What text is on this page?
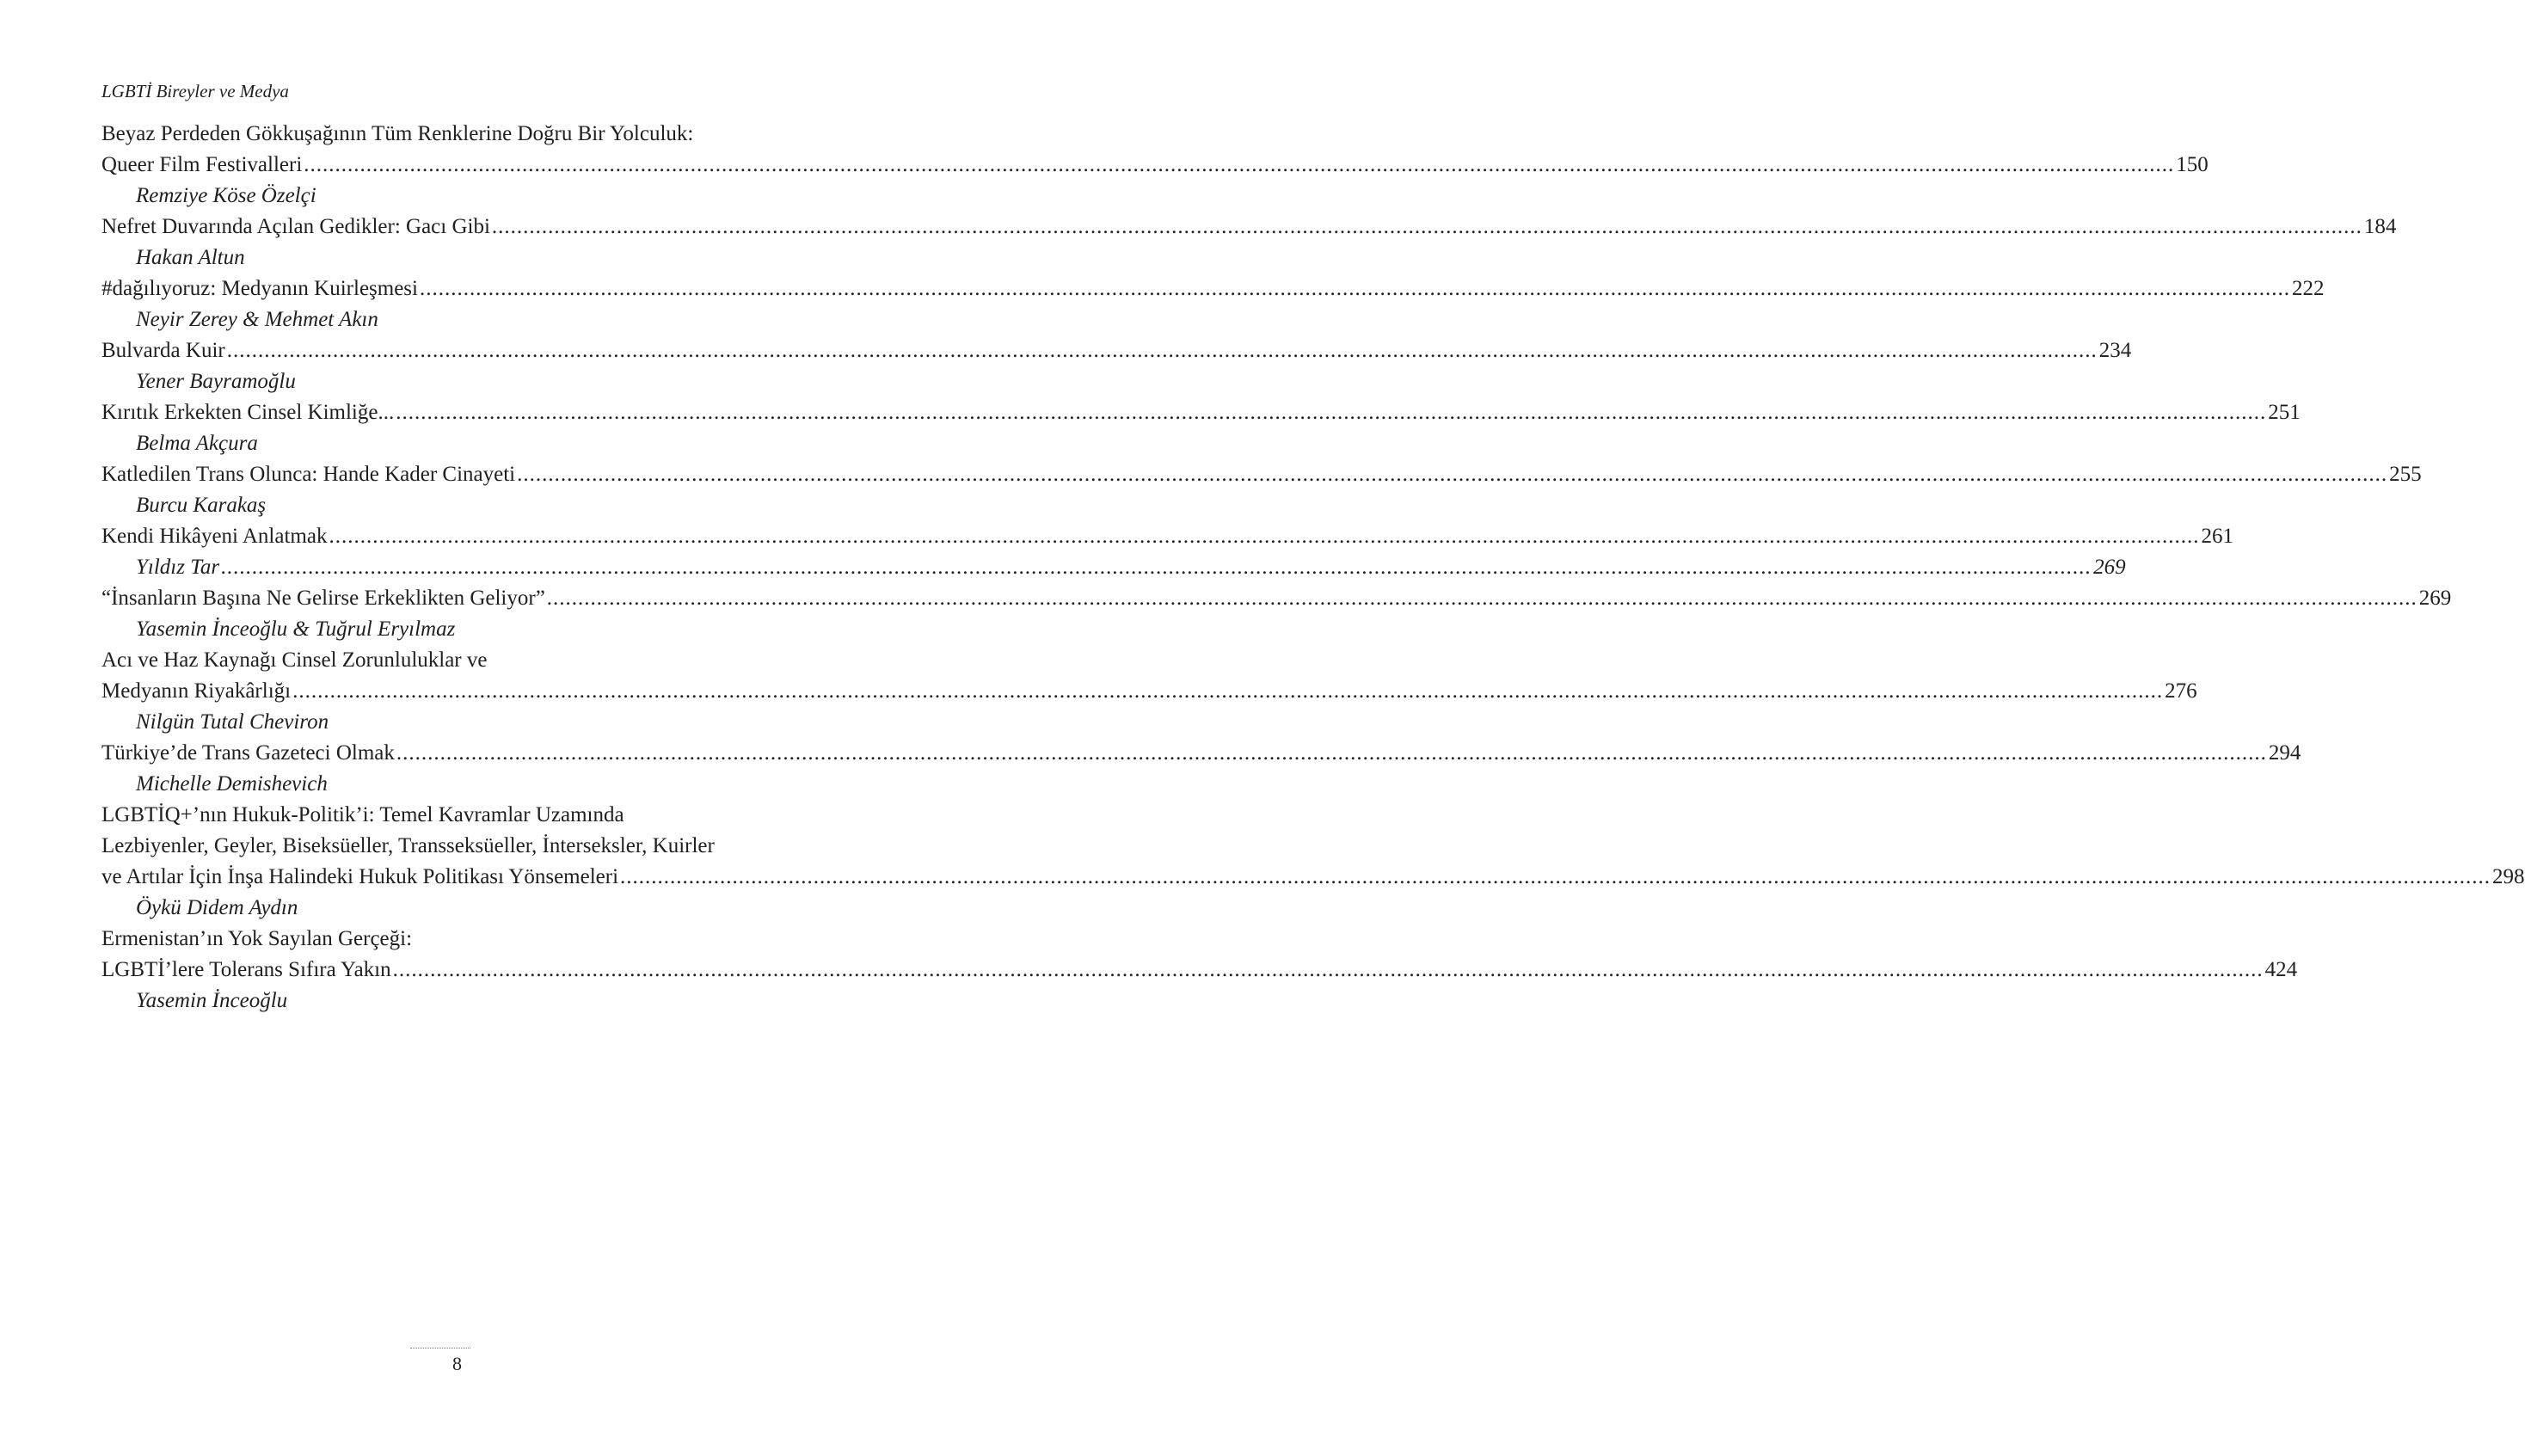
LGBTİ Bireyler ve Medya
Beyaz Perdeden Gökkuşağının Tüm Renklerine Doğru Bir Yolculuk:
Queer Film Festivalleri ............................................................................................................................................................................................................................................................................................................ 150
Remziye Köse Özelçi
Nefret Duvarında Açılan Gedikler: Gacı Gibi ............................................................................................................................................................................................................................................................................................................ 184
Hakan Altun
#dağılıyoruz: Medyanın Kuirleşmesi ............................................................................................................................................................................................................................................................................................................ 222
Neyir Zerey & Mehmet Akın
Bulvarda Kuir ............................................................................................................................................................................................................................................................................................................ 234
Yener Bayramoğlu
Kırıtık Erkekten Cinsel Kimliğe... ............................................................................................................................................................................................................................................................................................................ 251
Belma Akçura
Katledilen Trans Olunca: Hande Kader Cinayeti ............................................................................................................................................................................................................................................................................................................ 255
Burcu Karakaş
Kendi Hikâyeni Anlatmak ............................................................................................................................................................................................................................................................................................................ 261
Yıldız Tar ............................................................................................................................................................................................................................................................................................................ 269
“İnsanların Başına Ne Gelirse Erkeklikten Geliyor” ............................................................................................................................................................................................................................................................................................................ 269
Yasemin İnceoğlu & Tuğrul Eryılmaz
Acı ve Haz Kaynağı Cinsel Zorunluluklar ve
Medyanın Riyakârlığı ............................................................................................................................................................................................................................................................................................................ 276
Nilgün Tutal Cheviron
Türkiye’de Trans Gazeteci Olmak ............................................................................................................................................................................................................................................................................................................ 294
Michelle Demishevich
LGBTİQ+’nın Hukuk-Politik’i: Temel Kavramlar Uzamında
Lezbiyenler, Geyler, Biseksüeller, Transseksüeller, İnterseksler, Kuirler
ve Artılar İçin İnşa Halindeki Hukuk Politikası Yönsemeleri ............................................................................................................................................................................................................................................................................................................ 298
Öykü Didem Aydın
Ermenistan’ın Yok Sayılan Gerçeği:
LGBTİ’lere Tolerans Sıfıra Yakın ............................................................................................................................................................................................................................................................................................................ 424
Yasemin İnceoğlu
8
